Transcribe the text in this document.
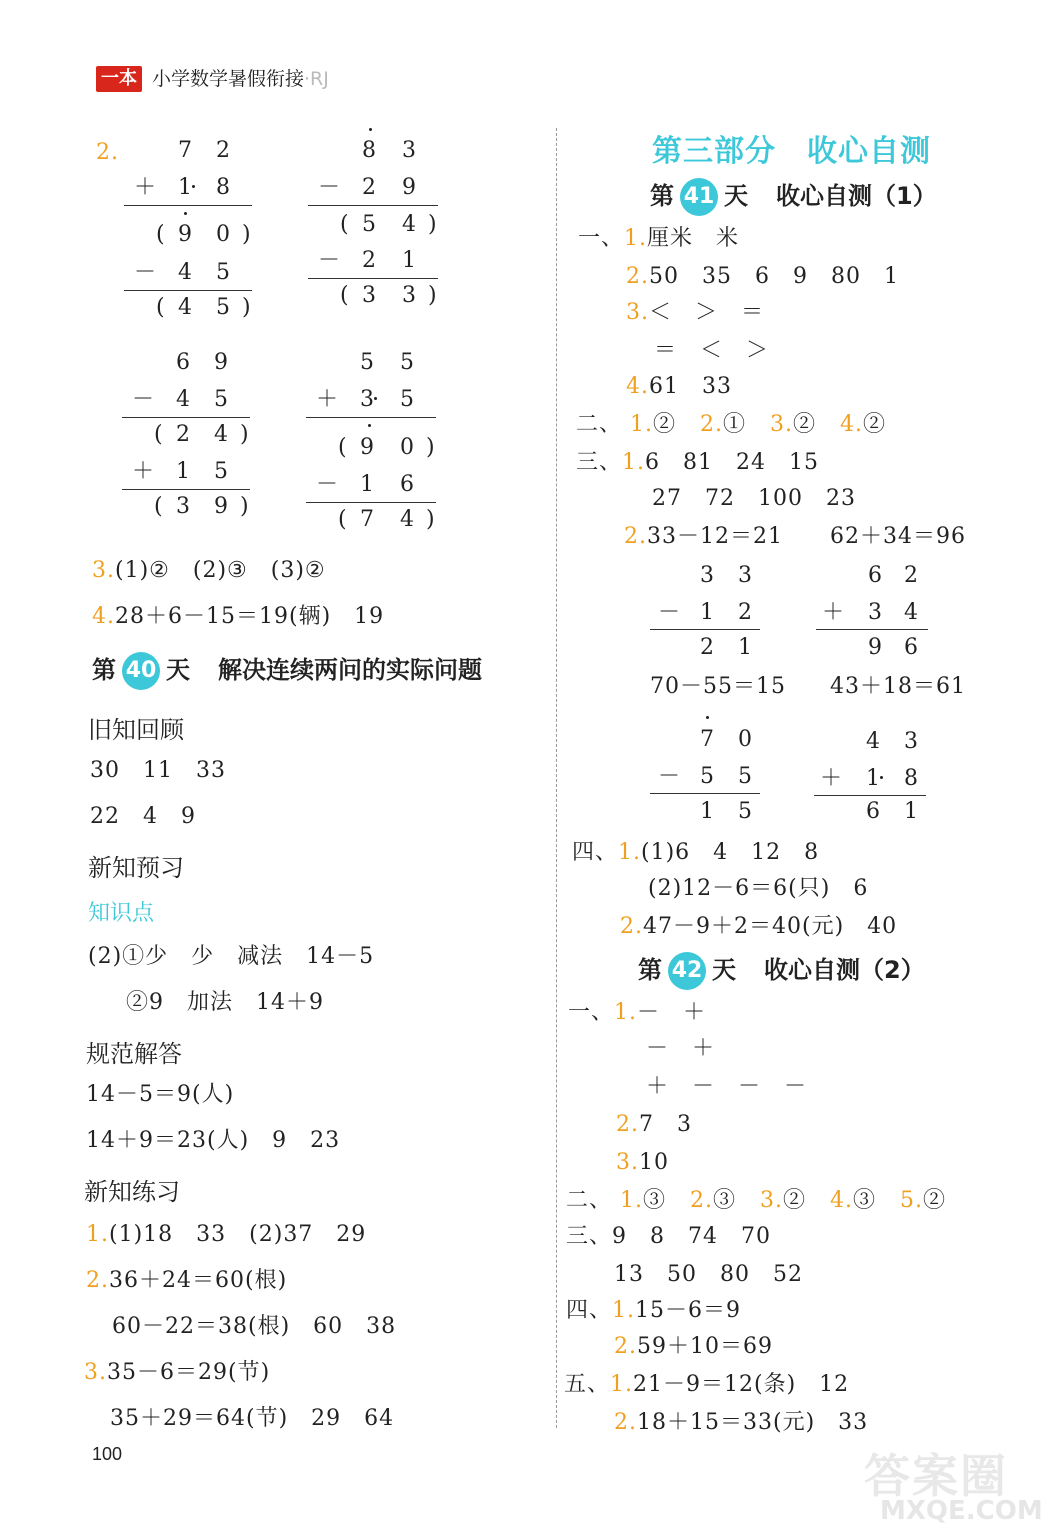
一本 小学数学暑假衔接·RJ
2.	7 2
＋ 1 8
( 9 0 )
－ 4 5
( 4 5 )
8 3
－ 2 9
( 5 4 )
－ 2 1
( 3 3 )
6 9
－ 4 5
( 2 4 )
＋ 1 5
( 3 9 )
5 5
＋ 3 5
( 9 0 )
－ 1 6
( 7 4 )
3.(1)②　(2)③　(3)②
4.28＋6－15＝19(辆)　19
第 40 天 解决连续两问的实际问题
旧知回顾
30　11　33
22　4　9
新知预习
知识点
(2)①少　少　减法　14－5
②9　加法　14＋9
规范解答
14－5＝9(人)
14＋9＝23(人)　9　23
新知练习
1.(1)18　33　(2)37　29
2.36＋24＝60(根)
60－22＝38(根)　60　38
3.35－6＝29(节)
35＋29＝64(节)　29　64
100
第三部分　收心自测
第 41 天 收心自测（1）
一、1.厘米　米
2.50　35　6　9　80　1
3.＜　＞　＝
＝　＜　＞
4.61　33
二、 1.② 2.① 3.② 4.②
三、1.6　81　24　15
27　72　100　23
2.33－12＝21 62＋34＝96
3 3
－ 1 2
2 1
6 2
＋ 3 4
9 6
70－55＝15 43＋18＝61
7 0
－ 5 5
1 5
4 3
＋ 1 8
6 1
四、1.(1)6　4　12　8
(2)12－6＝6(只)　6
2.47－9＋2＝40(元)　40
第 42 天 收心自测（2）
一、1.－　＋
－　＋
＋　－　－　－
2.7　3
3.10
二、 1.③ 2.③ 3.② 4.③ 5.②
三、9　8　74　70
13　50　80　52
四、1.15－6＝9
2.59＋10＝69
五、1.21－9＝12(条)　12
2.18＋15＝33(元)　33
答案圈
MXQE.COM
